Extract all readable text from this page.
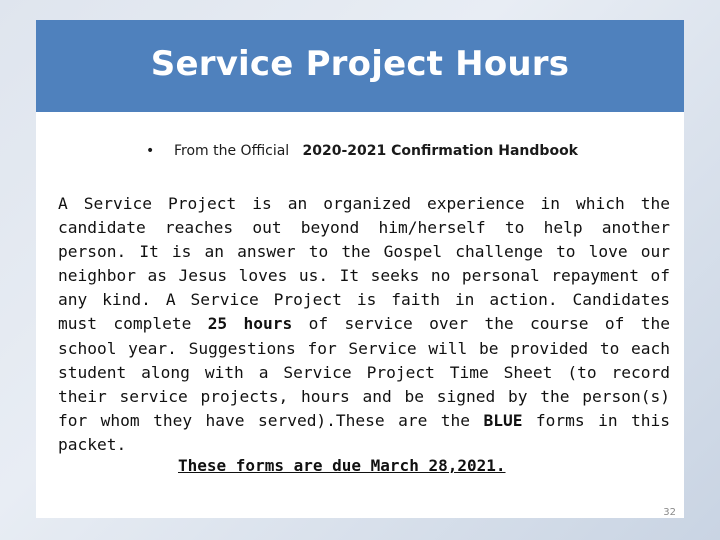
Service Project Hours
• From the Official 2020-2021 Confirmation Handbook
A Service Project is an organized experience in which the candidate reaches out beyond him/herself to help another person. It is an answer to the Gospel challenge to love our neighbor as Jesus loves us. It seeks no personal repayment of any kind. A Service Project is faith in action. Candidates must complete 25 hours of service over the course of the school year. Suggestions for Service will be provided to each student along with a Service Project Time Sheet (to record their service projects, hours and be signed by the person(s) for whom they have served).These are the BLUE forms in this packet.
These forms are due March 28,2021.
32
